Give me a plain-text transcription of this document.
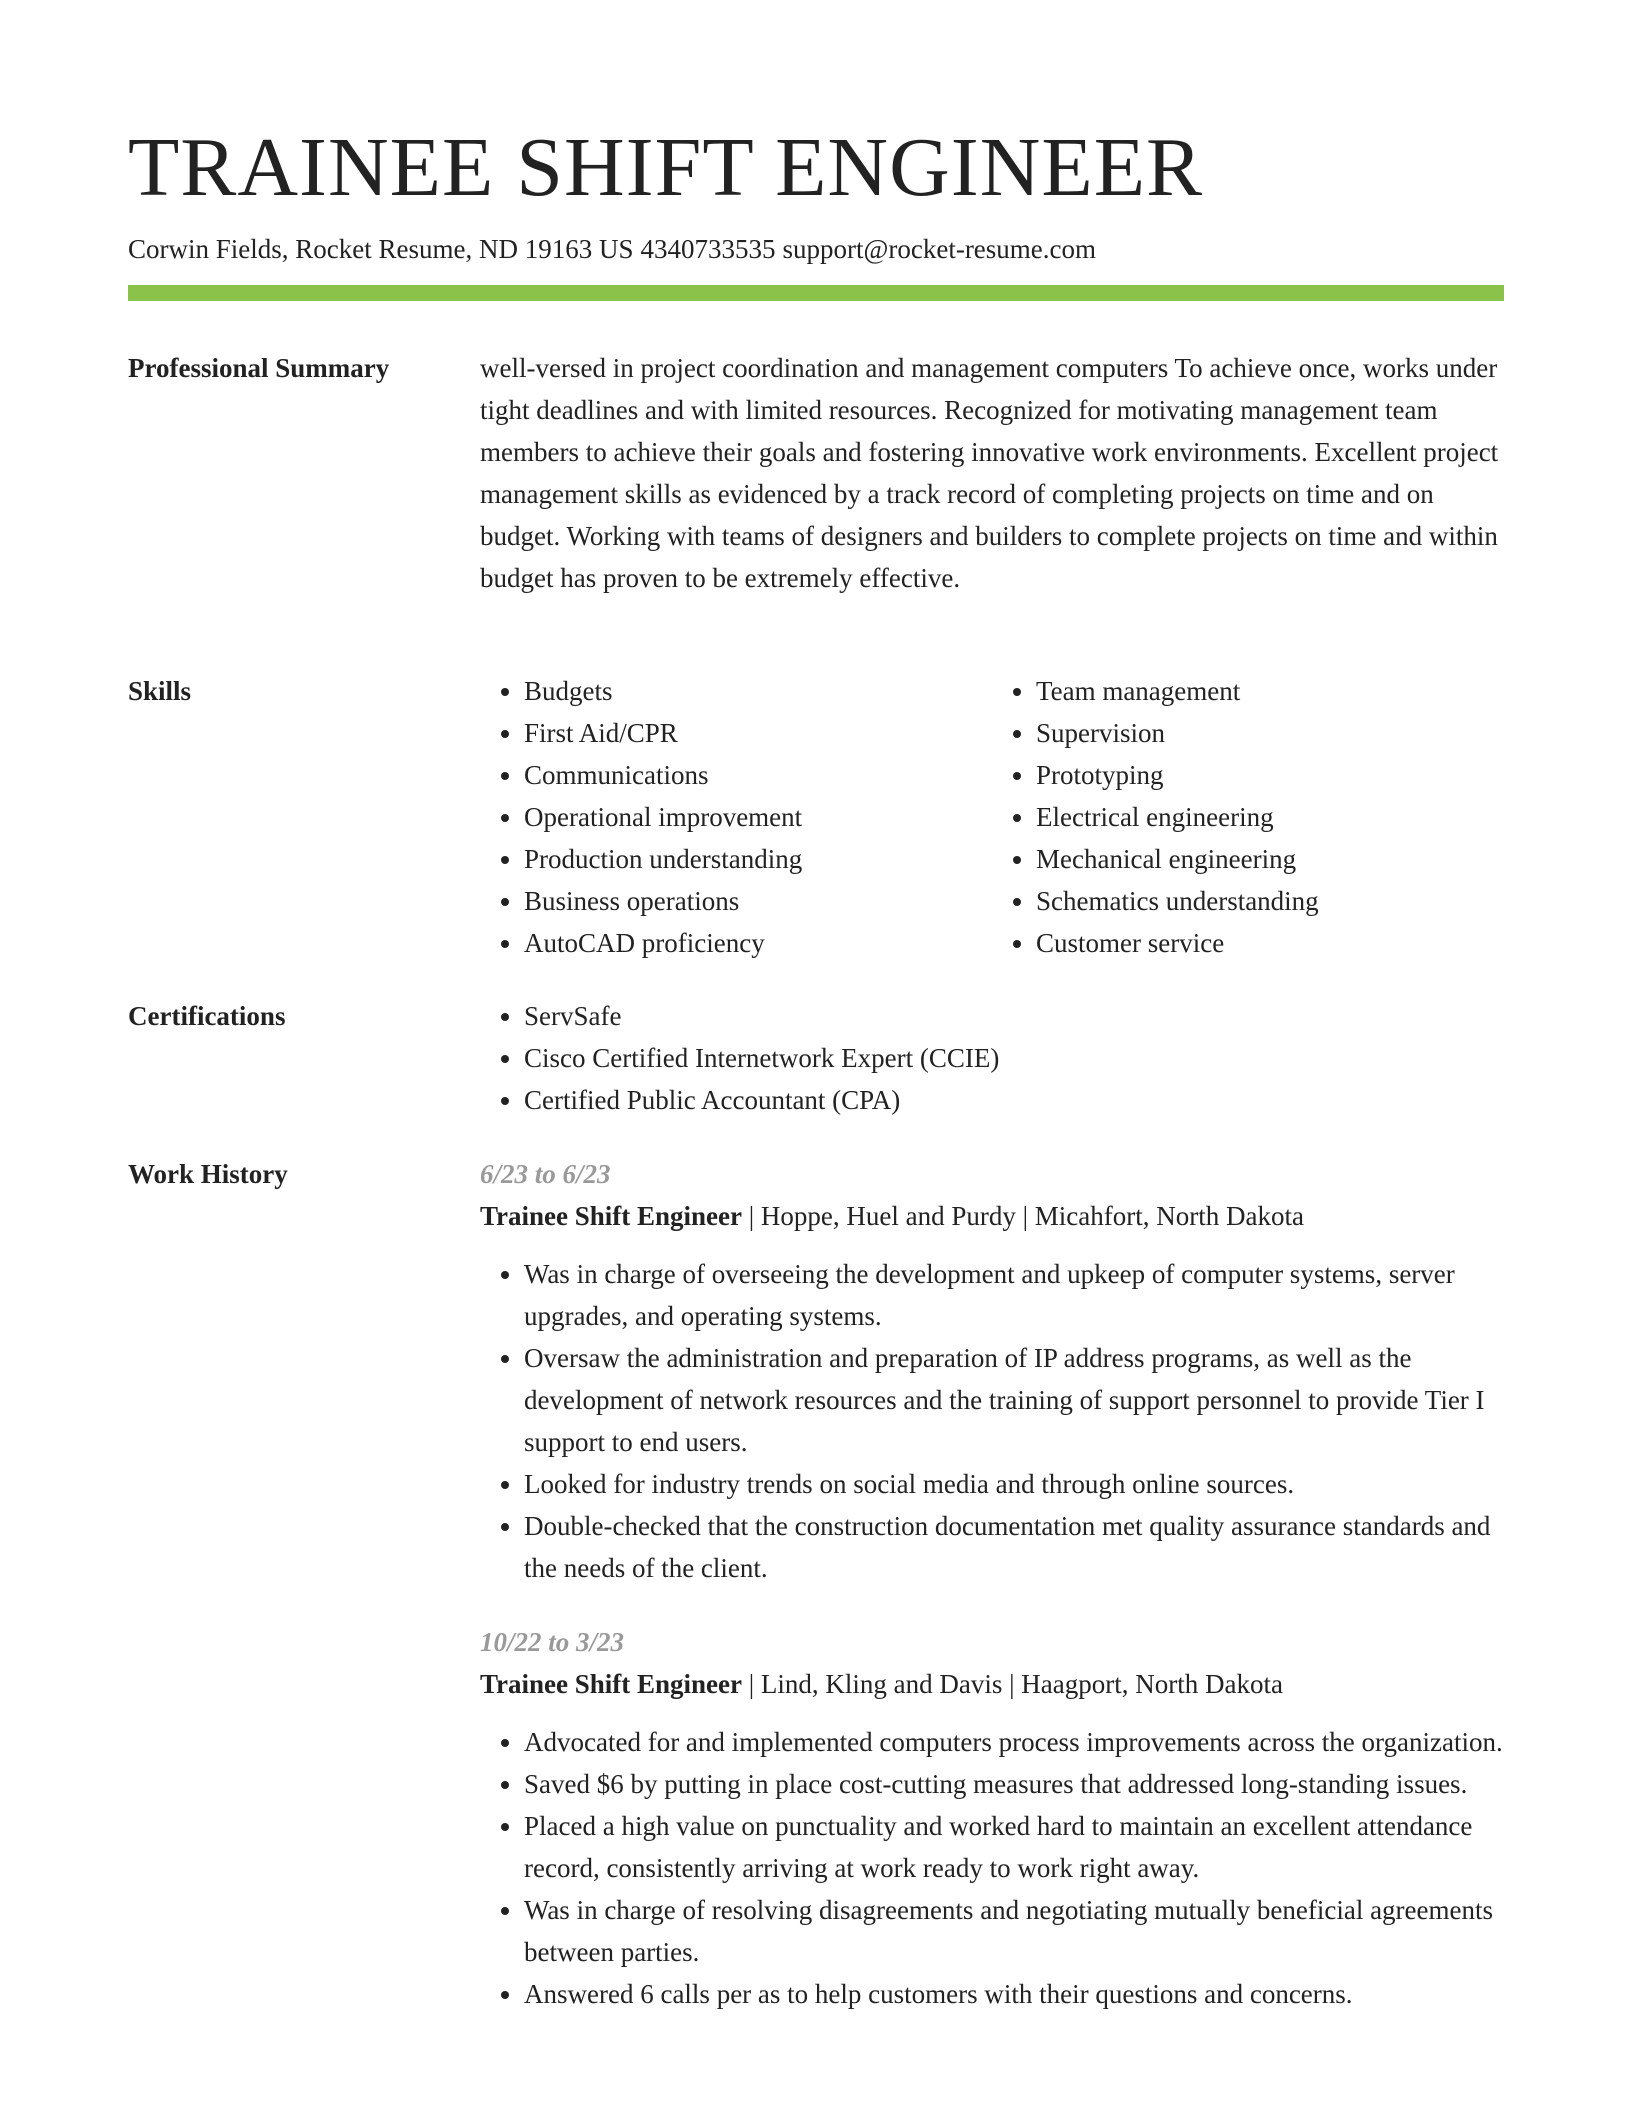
TRAINEE SHIFT ENGINEER
Corwin Fields, Rocket Resume, ND 19163 US 4340733535 support@rocket-resume.com
Professional Summary	well-versed in project coordination and management computers To achieve once, works under tight deadlines and with limited resources. Recognized for motivating management team members to achieve their goals and fostering innovative work environments. Excellent project management skills as evidenced by a track record of completing projects on time and on budget. Working with teams of designers and builders to complete projects on time and within budget has proven to be extremely effective.

Skills	• Budgets
• First Aid/CPR
• Communications
• Operational improvement
• Production understanding
• Business operations
• AutoCAD proficiency
• Team management
• Supervision
• Prototyping
• Electrical engineering
• Mechanical engineering
• Schematics understanding
• Customer service
Certifications	• ServSafe
• Cisco Certified Internetwork Expert (CCIE)
• Certified Public Accountant (CPA)
Work History	6/23 to 6/23

Trainee Shift Engineer | Hoppe, Huel and Purdy | Micahfort, North Dakota

• Was in charge of overseeing the development and upkeep of computer systems, server upgrades, and operating systems.
• Oversaw the administration and preparation of IP address programs, as well as the development of network resources and the training of support personnel to provide Tier I support to end users.
• Looked for industry trends on social media and through online sources.
• Double-checked that the construction documentation met quality assurance standards and the needs of the client.

10/22 to 3/23

Trainee Shift Engineer | Lind, Kling and Davis | Haagport, North Dakota

• Advocated for and implemented computers process improvements across the organization.
• Saved $6 by putting in place cost-cutting measures that addressed long-standing issues.
• Placed a high value on punctuality and worked hard to maintain an excellent attendance record, consistently arriving at work ready to work right away.
• Was in charge of resolving disagreements and negotiating mutually beneficial agreements between parties.
• Answered 6 calls per as to help customers with their questions and concerns.
